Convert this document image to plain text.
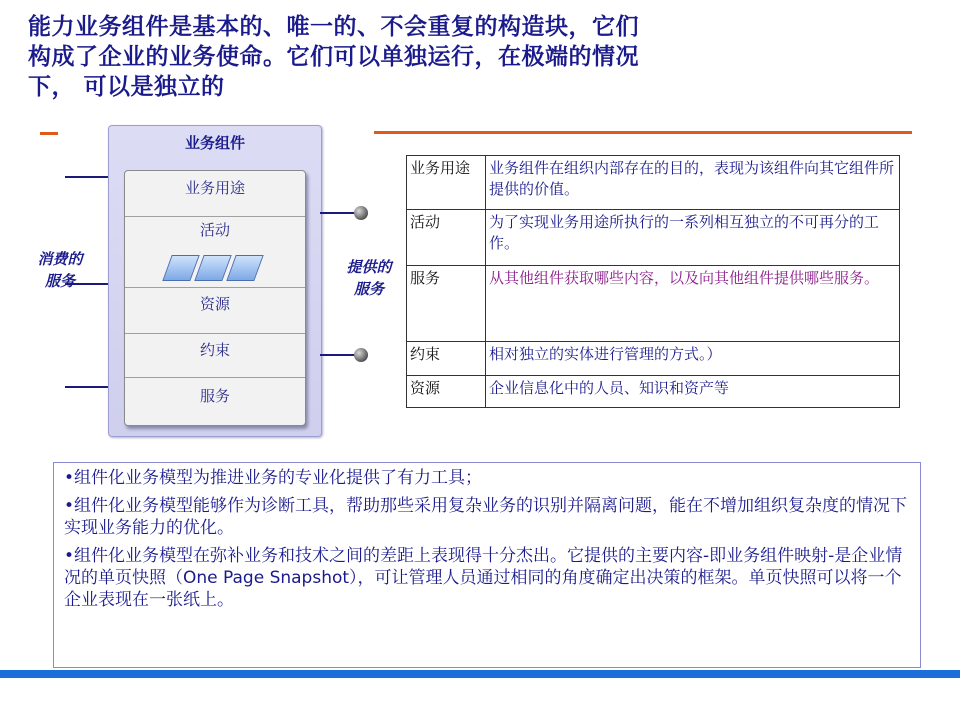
能力业务组件是基本的、唯一的、不会重复的构造块，它们
构成了企业的业务使命。它们可以单独运行，在极端的情况
下， 可以是独立的
消费的
服务
业务组件
业务用途
活动
资源
约束
服务
提供的
服务
业务用途	业务组件在组织内部存在的目的，表现为该组件向其它组件所提供的价值。
活动	为了实现业务用途所执行的一系列相互独立的不可再分的工作。
服务	从其他组件获取哪些内容，以及向其他组件提供哪些服务。
约束	相对独立的实体进行管理的方式。）
资源	企业信息化中的人员、知识和资产等

•组件化业务模型为推进业务的专业化提供了有力工具；

•组件化业务模型能够作为诊断工具，帮助那些采用复杂业务的识别并隔离问题，能在不增加组织复杂度的情况下实现业务能力的优化。

•组件化业务模型在弥补业务和技术之间的差距上表现得十分杰出。它提供的主要内容-即业务组件映射-是企业情况的单页快照（One Page Snapshot），可让管理人员通过相同的角度确定出决策的框架。单页快照可以将一个企业表现在一张纸上。
